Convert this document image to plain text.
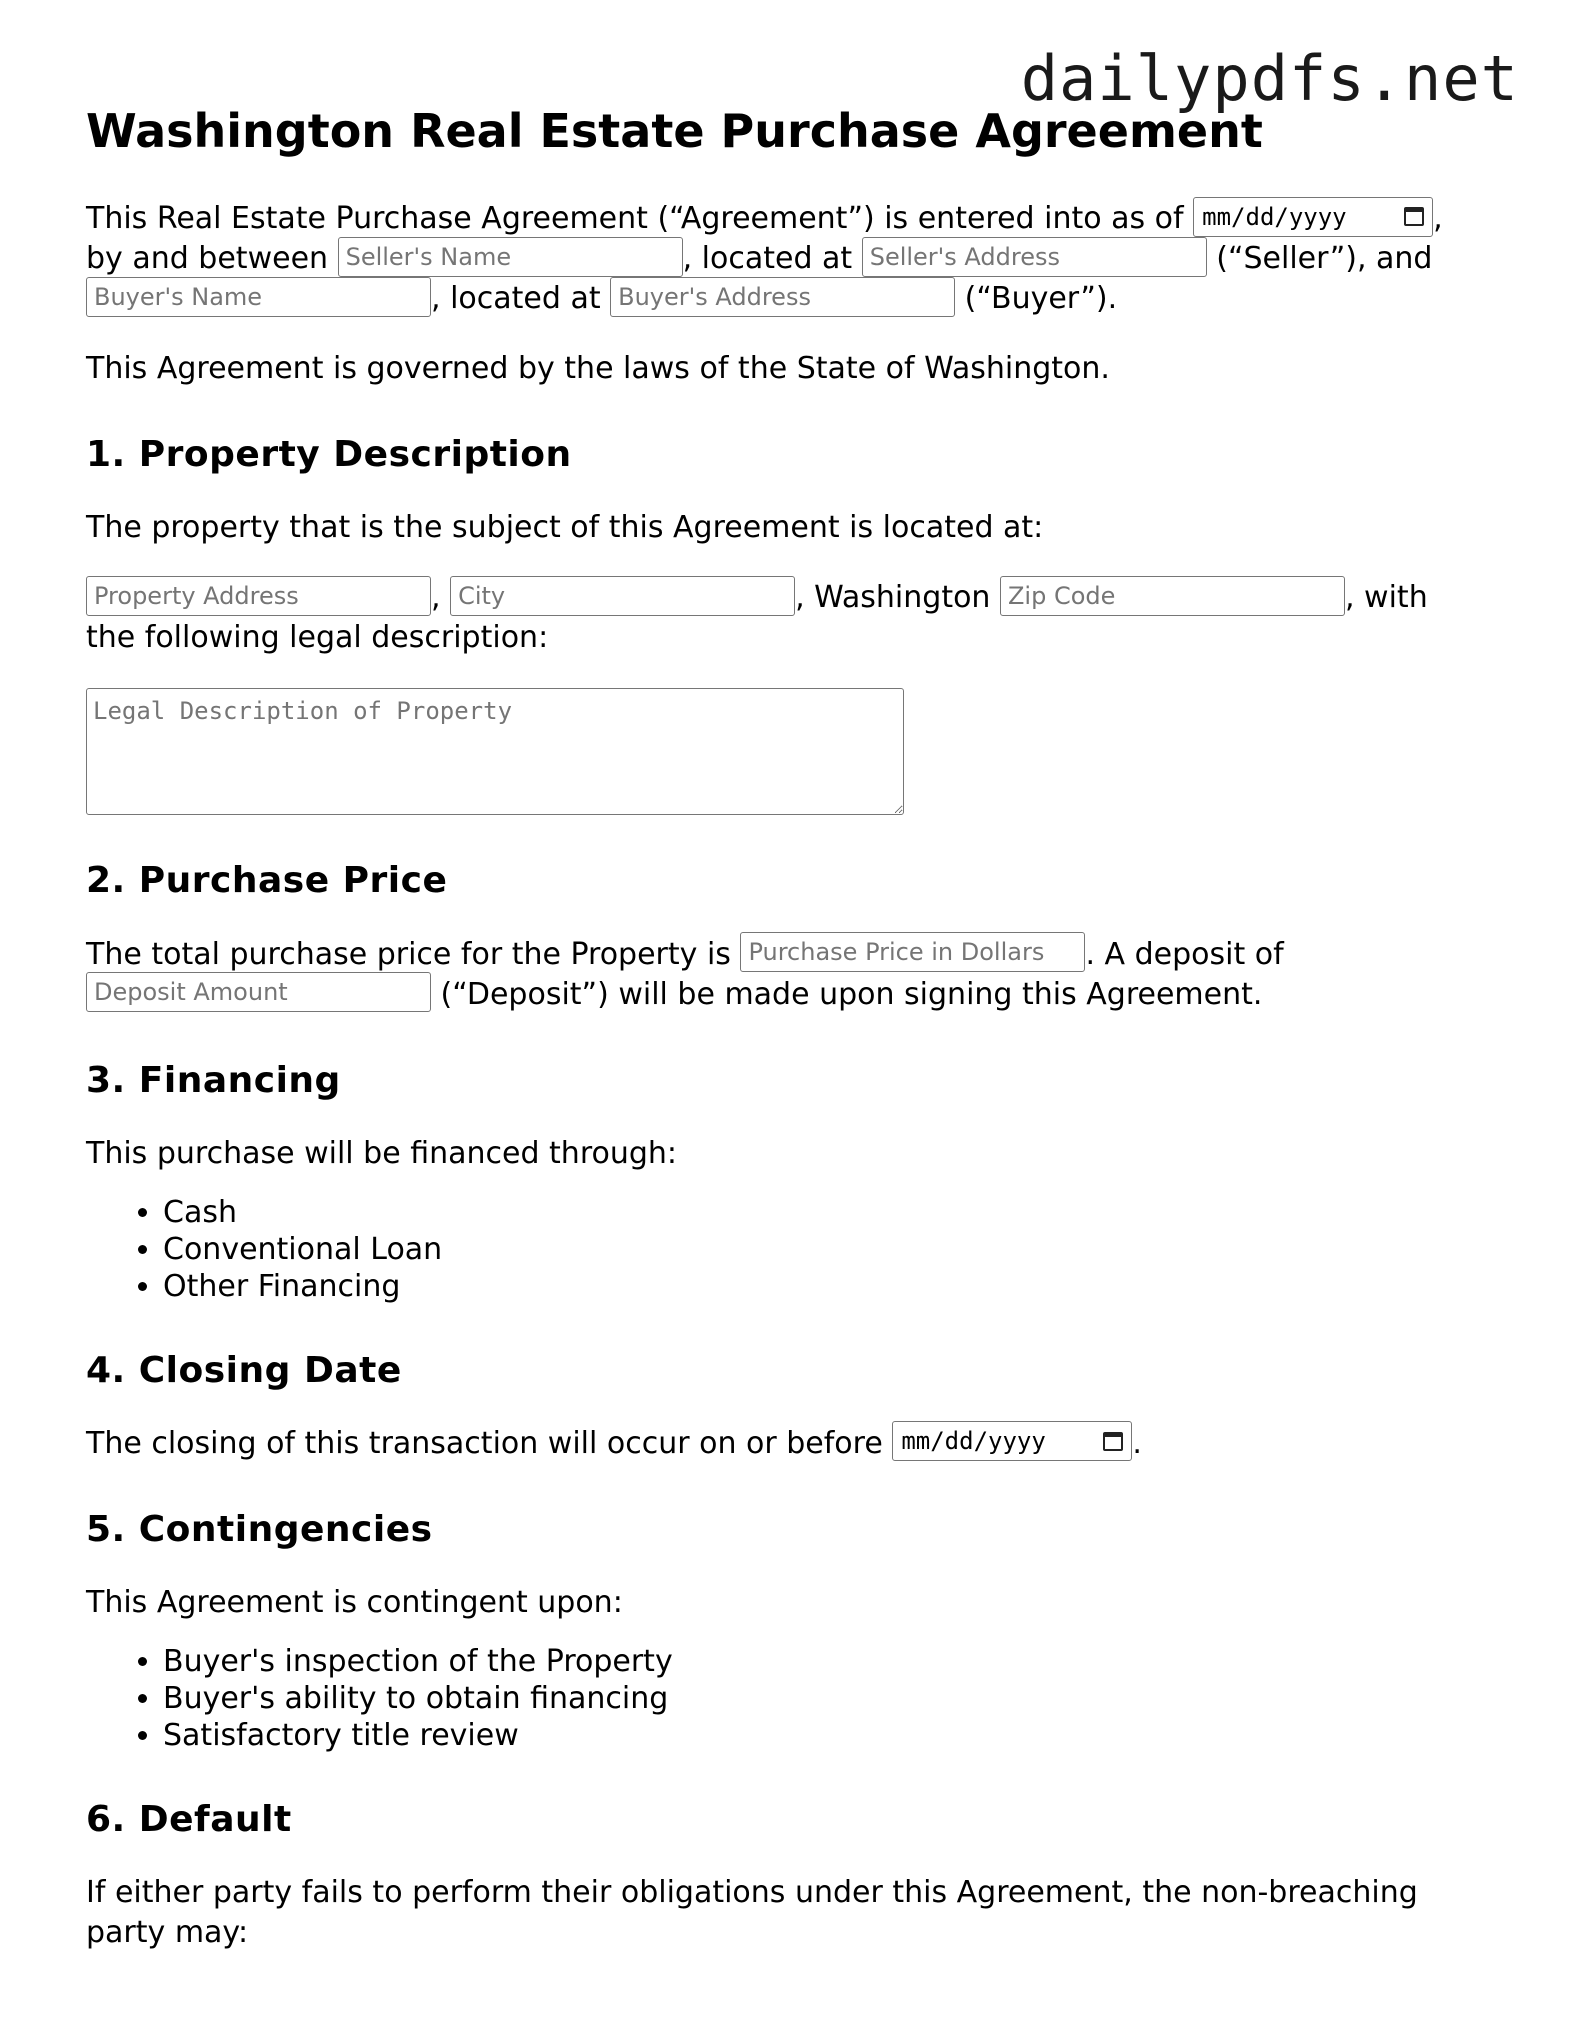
dailypdfs.net
Washington Real Estate Purchase Agreement

This Real Estate Purchase Agreement (“Agreement”) is entered into as of mm/dd/yyyy	, by and between Seller's Name	, located at Seller's Address	(“Seller”), and Buyer's Name, located at Buyer's Address	(“Buyer”).

This Agreement is governed by the laws of the State of Washington.

1. Property Description

The property that is the subject of this Agreement is located at:

Property Address, City	, Washington Zip Code	, with the following legal description:

Legal Description of Property
2. Purchase Price

The total purchase price for the Property is Purchase Price in Dollars	. A deposit of Deposit Amount (“Deposit”) will be made upon signing this Agreement.

3. Financing

This purchase will be financed through:

• Cash
• Conventional Loan
• Other Financing
4. Closing Date

The closing of this transaction will occur on or before mm/dd/yyyy	.

5. Contingencies

This Agreement is contingent upon:

• Buyer's inspection of the Property
• Buyer's ability to obtain financing
• Satisfactory title review
6. Default

If either party fails to perform their obligations under this Agreement, the non-breaching party may:
